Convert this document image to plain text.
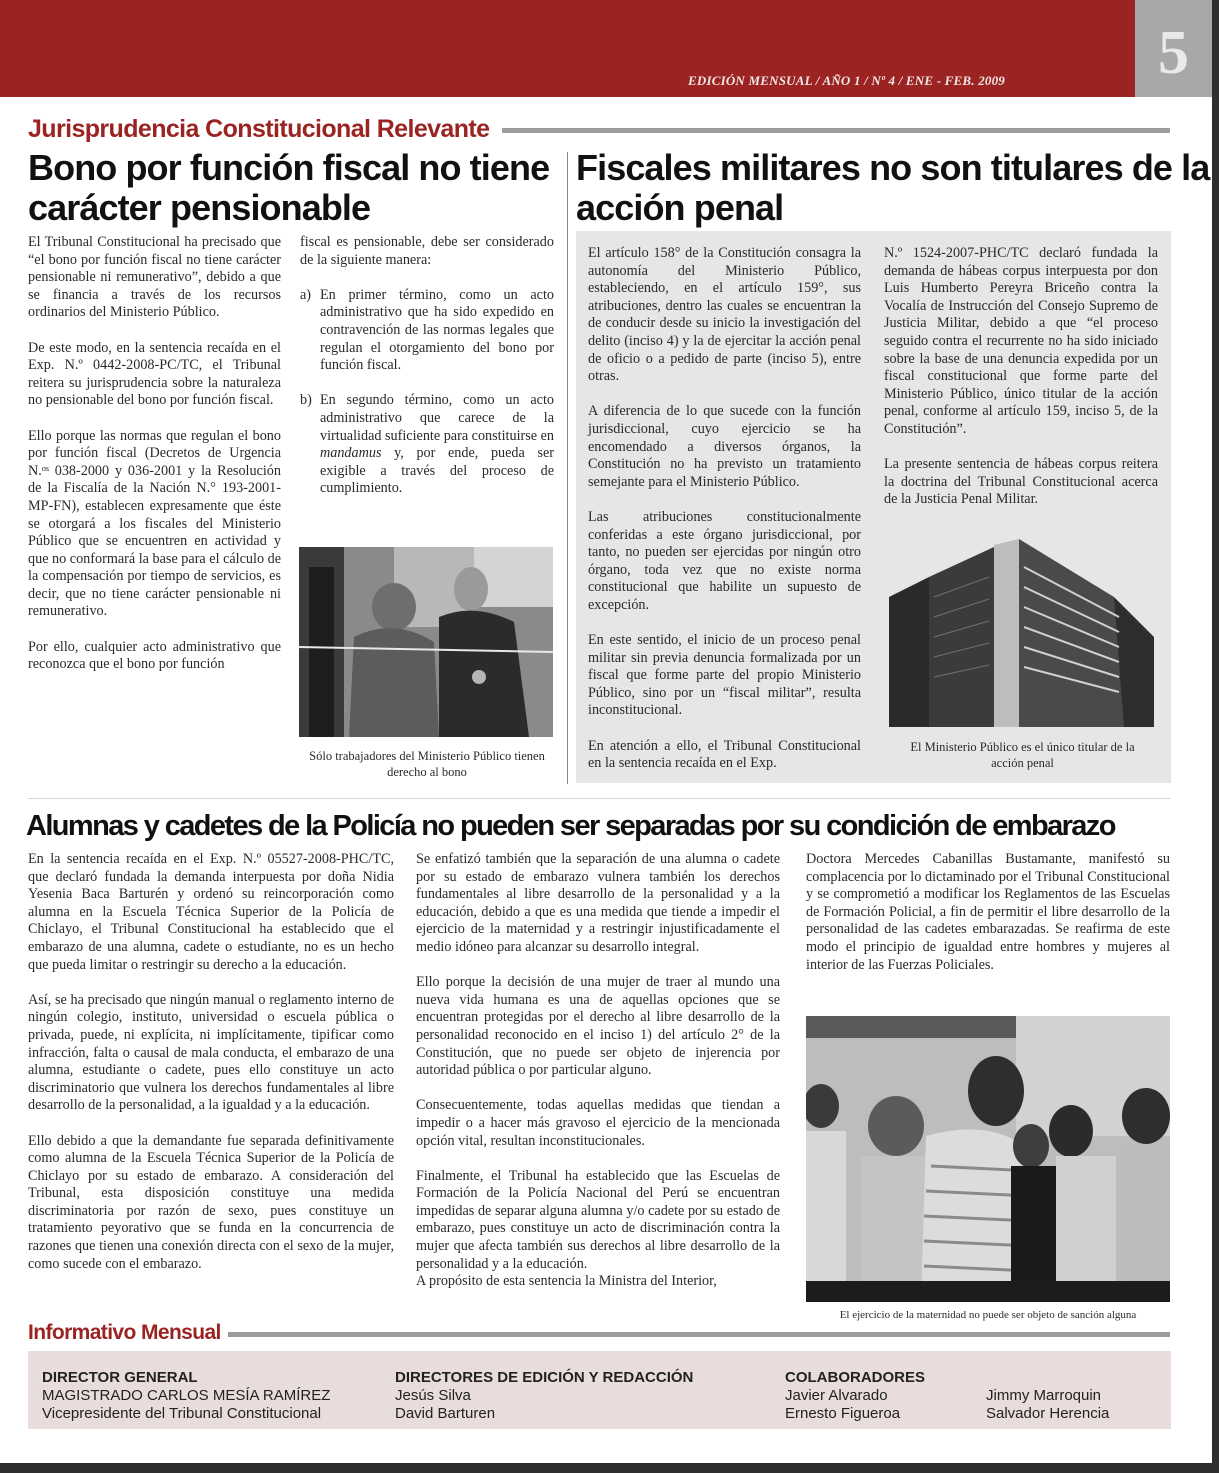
EDICIÓN MENSUAL / AÑO 1 / Nº 4 / ENE - FEB. 2009	5
Jurisprudencia Constitucional Relevante
Bono por función fiscal no tiene
carácter pensionable
Fiscales militares no son titulares de la
acción penal

El Tribunal Constitucional ha precisado que “el bono por función fiscal no tiene carácter pensionable ni remunerativo”, debido a que se financia a través de los recursos ordinarios del Ministerio Público.

De este modo, en la sentencia recaída en el Exp. N.º 0442-2008-PC/TC, el Tribunal reitera su jurisprudencia sobre la naturaleza no pensionable del bono por función fiscal.

Ello porque las normas que regulan el bono por función fiscal (Decretos de Urgencia N.ᵒˢ 038-2000 y 036-2001 y la Resolución de la Fiscalía de la Nación N.° 193-2001-MP-FN), establecen expresamente que éste se otorgará a los fiscales del Ministerio Público que se encuentren en actividad y que no conformará la base para el cálculo de la compensación por tiempo de servicios, es decir, que no tiene carácter pensionable ni remunerativo.

Por ello, cualquier acto administrativo que reconozca que el bono por función

fiscal es pensionable, debe ser considerado de la siguiente manera:

a) En primer término, como un acto administrativo que ha sido expedido en contravención de las normas legales que regulan el otorgamiento del bono por función fiscal.

b) En segundo término, como un acto administrativo que carece de la virtualidad suficiente para constituirse en mandamus y, por ende, pueda ser exigible a través del proceso de cumplimiento.

Sólo trabajadores del Ministerio Público tienen derecho al bono

El artículo 158° de la Constitución consagra la autonomía del Ministerio Público, estableciendo, en el artículo 159°, sus atribuciones, dentro las cuales se encuentran la de conducir desde su inicio la investigación del delito (inciso 4) y la de ejercitar la acción penal de oficio o a pedido de parte (inciso 5), entre otras.

A diferencia de lo que sucede con la función jurisdiccional, cuyo ejercicio se ha encomendado a diversos órganos, la Constitución no ha previsto un tratamiento semejante para el Ministerio Público.

Las atribuciones constitucionalmente conferidas a este órgano jurisdiccional, por tanto, no pueden ser ejercidas por ningún otro órgano, toda vez que no existe norma constitucional que habilite un supuesto de excepción.

En este sentido, el inicio de un proceso penal militar sin previa denuncia formalizada por un fiscal que forme parte del propio Ministerio Público, sino por un “fiscal militar”, resulta inconstitucional.

En atención a ello, el Tribunal Constitucional en la sentencia recaída en el Exp.

N.º 1524-2007-PHC/TC declaró fundada la demanda de hábeas corpus interpuesta por don Luis Humberto Pereyra Briceño contra la Vocalía de Instrucción del Consejo Supremo de Justicia Militar, debido a que “el proceso seguido contra el recurrente no ha sido iniciado sobre la base de una denuncia expedida por un fiscal constitucional que forme parte del Ministerio Público, único titular de la acción penal, conforme al artículo 159, inciso 5, de la Constitución”.

La presente sentencia de hábeas corpus reitera la doctrina del Tribunal Constitucional acerca de la Justicia Penal Militar.

El Ministerio Público es el único titular de la acción penal
Alumnas y cadetes de la Policía no pueden ser separadas por su condición de embarazo

En la sentencia recaída en el Exp. N.º 05527-2008-PHC/TC, que declaró fundada la demanda interpuesta por doña Nidia Yesenia Baca Barturén y ordenó su reincorporación como alumna en la Escuela Técnica Superior de la Policía de Chiclayo, el Tribunal Constitucional ha establecido que el embarazo de una alumna, cadete o estudiante, no es un hecho que pueda limitar o restringir su derecho a la educación.

Así, se ha precisado que ningún manual o reglamento interno de ningún colegio, instituto, universidad o escuela pública o privada, puede, ni explícita, ni implícitamente, tipificar como infracción, falta o causal de mala conducta, el embarazo de una alumna, estudiante o cadete, pues ello constituye un acto discriminatorio que vulnera los derechos fundamentales al libre desarrollo de la personalidad, a la igualdad y a la educación.

Ello debido a que la demandante fue separada definitivamente como alumna de la Escuela Técnica Superior de la Policía de Chiclayo por su estado de embarazo. A consideración del Tribunal, esta disposición constituye una medida discriminatoria por razón de sexo, pues constituye un tratamiento peyorativo que se funda en la concurrencia de razones que tienen una conexión directa con el sexo de la mujer, como sucede con el embarazo.

Se enfatizó también que la separación de una alumna o cadete por su estado de embarazo vulnera también los derechos fundamentales al libre desarrollo de la personalidad y a la educación, debido a que es una medida que tiende a impedir el ejercicio de la maternidad y a restringir injustificadamente el medio idóneo para alcanzar su desarrollo integral.

Ello porque la decisión de una mujer de traer al mundo una nueva vida humana es una de aquellas opciones que se encuentran protegidas por el derecho al libre desarrollo de la personalidad reconocido en el inciso 1) del artículo 2° de la Constitución, que no puede ser objeto de injerencia por autoridad pública o por particular alguno.

Consecuentemente, todas aquellas medidas que tiendan a impedir o a hacer más gravoso el ejercicio de la mencionada opción vital, resultan inconstitucionales.

Finalmente, el Tribunal ha establecido que las Escuelas de Formación de la Policía Nacional del Perú se encuentran impedidas de separar alguna alumna y/o cadete por su estado de embarazo, pues constituye un acto de discriminación contra la mujer que afecta también sus derechos al libre desarrollo de la personalidad y a la educación.

A propósito de esta sentencia la Ministra del Interior,

Doctora Mercedes Cabanillas Bustamante, manifestó su complacencia por lo dictaminado por el Tribunal Constitucional y se comprometió a modificar los Reglamentos de las Escuelas de Formación Policial, a fin de permitir el libre desarrollo de la personalidad de las cadetes embarazadas. Se reafirma de este modo el principio de igualdad entre hombres y mujeres al interior de las Fuerzas Policiales.

El ejercicio de la maternidad no puede ser objeto de sanción alguna
Informativo Mensual
DIRECTOR GENERAL
MAGISTRADO CARLOS MESÍA RAMÍREZ
Vicepresidente del Tribunal Constitucional
DIRECTORES DE EDICIÓN Y REDACCIÓN
Jesús Silva
David Barturen
COLABORADORES
Javier Alvarado
Ernesto Figueroa
Jimmy Marroquin
Salvador Herencia
